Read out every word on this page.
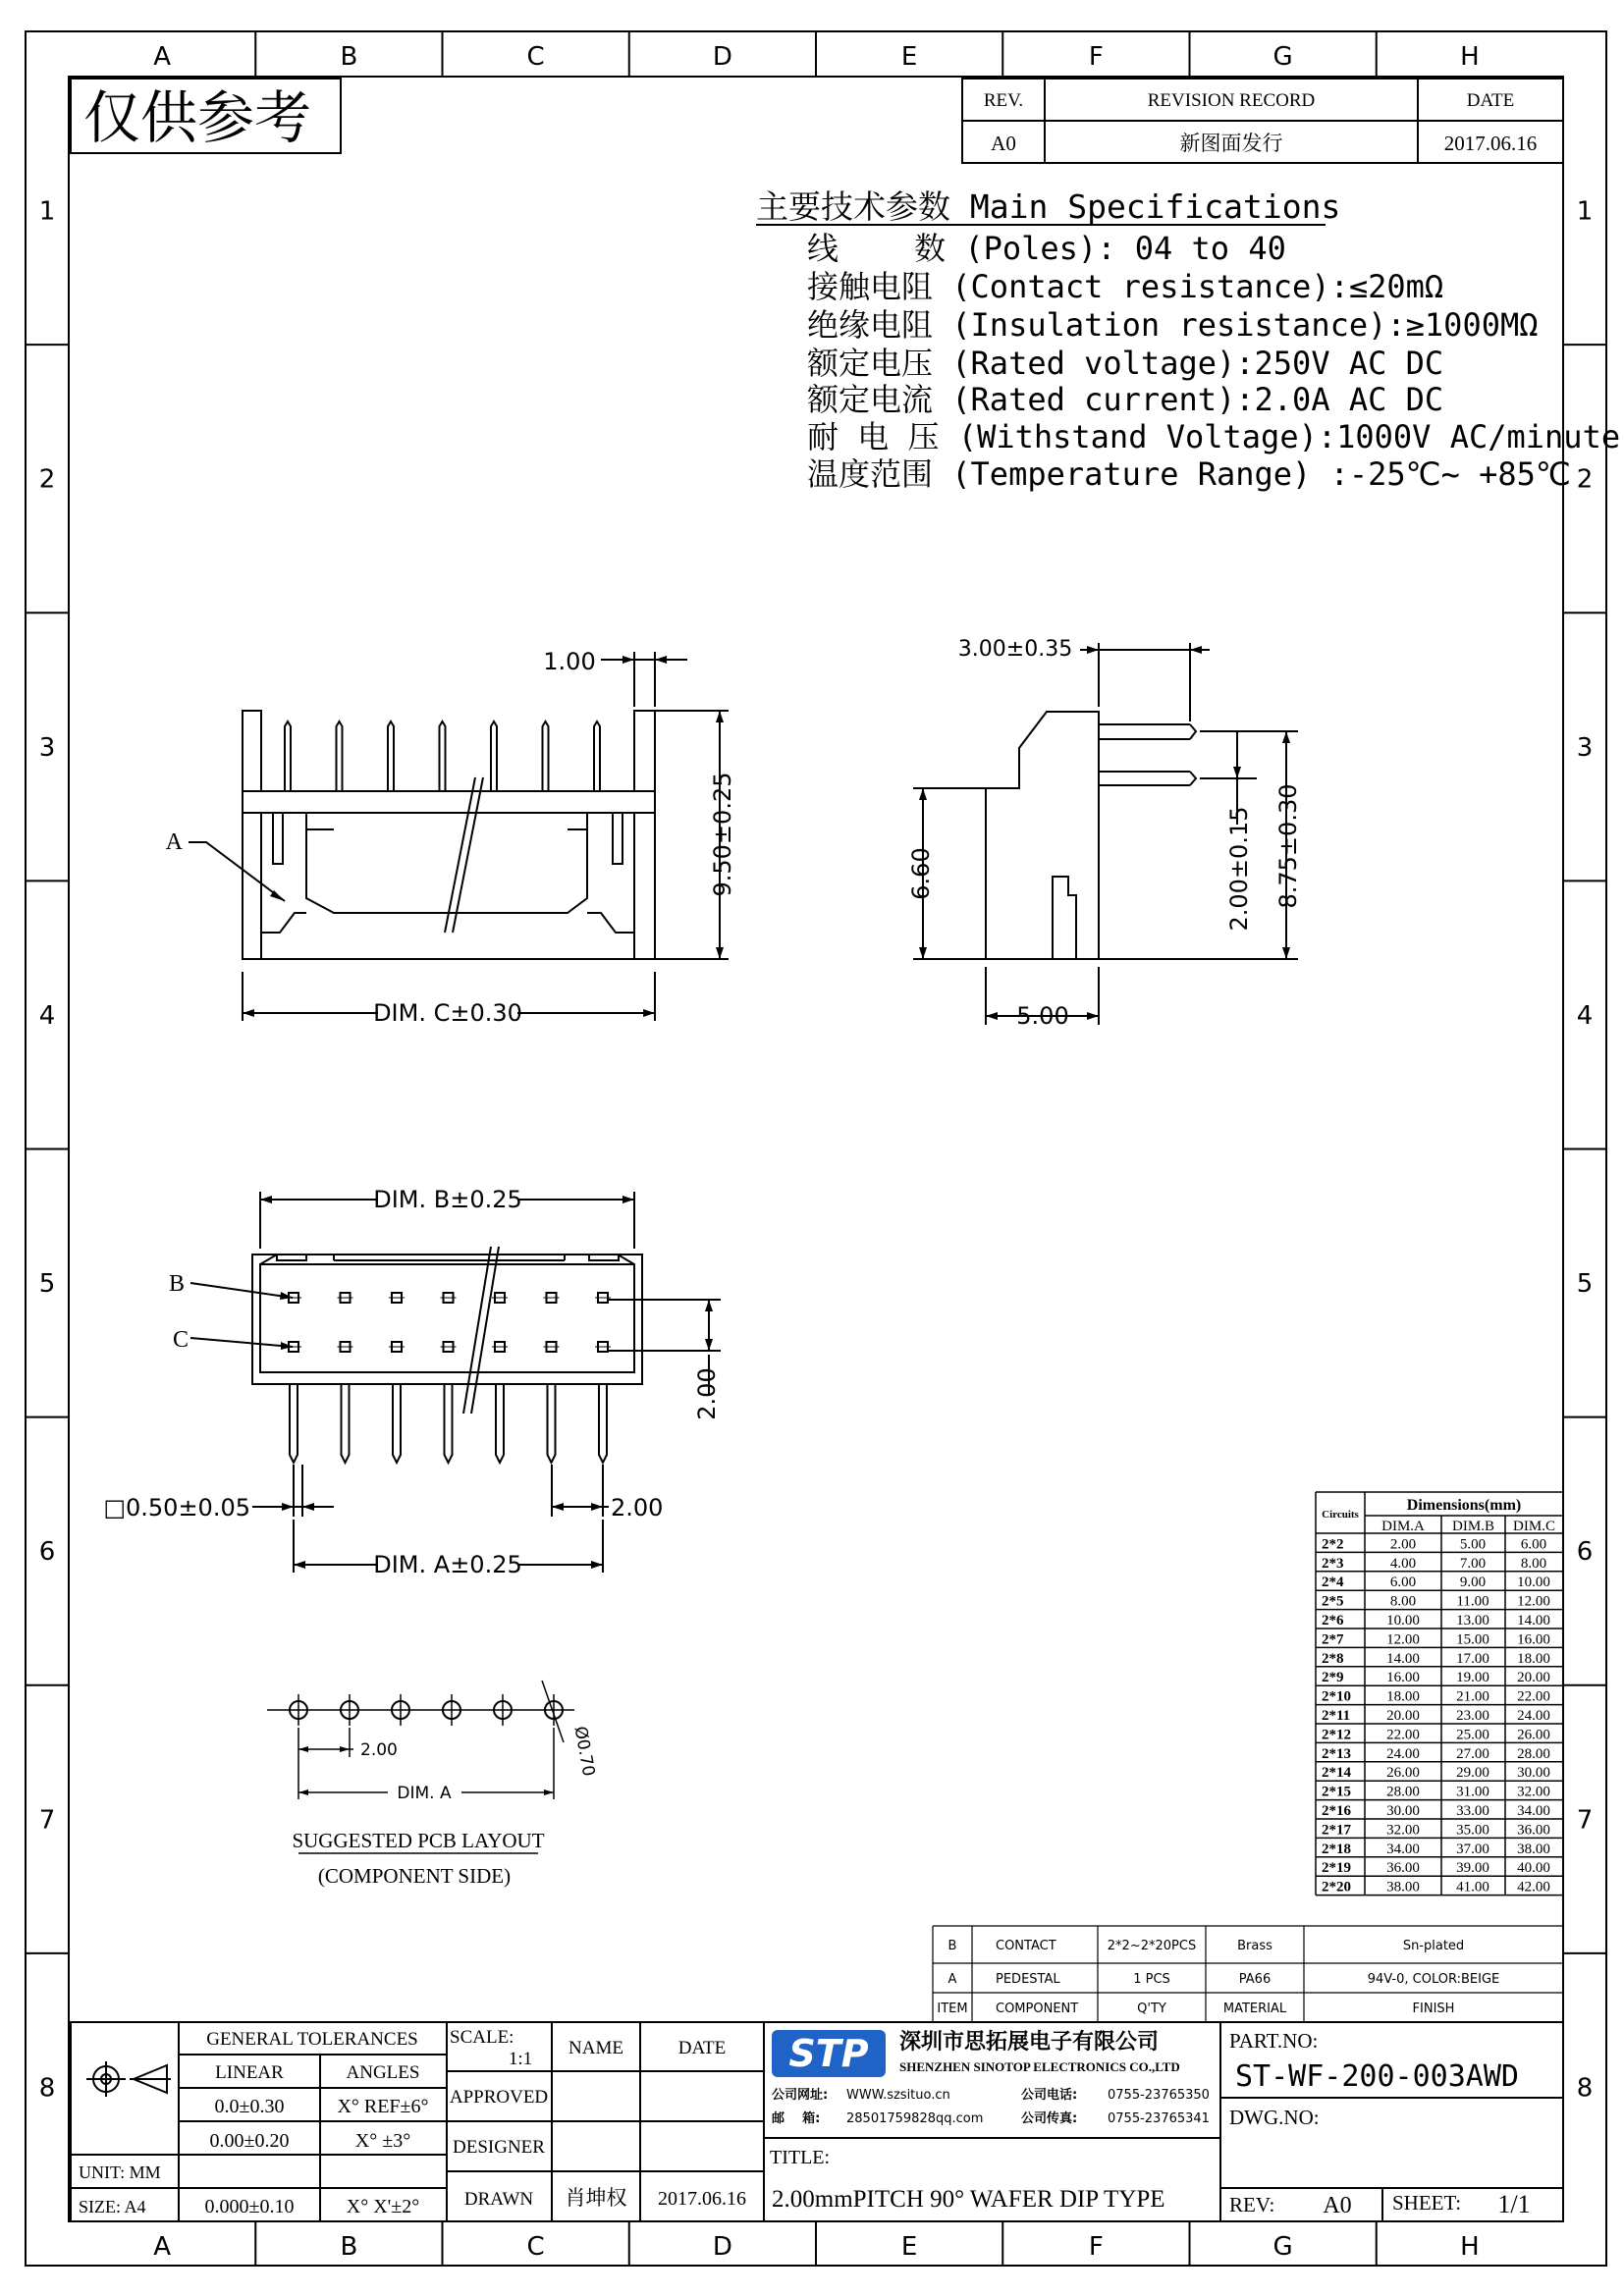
A
A
B
B
C
C
D
D
E
E
F
F
G
G
H
H
1	1
2	2
3	3
4	4
5	5
6	6
7	7
8	8
仅供参考	REV.	REVISION RECORD	DATE
A0	新图面发行	2017.06.16
主要技术参数 Main Specifications
线    数 (Poles): 04 to 40
接触电阻 (Contact resistance):≤20mΩ
绝缘电阻 (Insulation resistance):≥1000MΩ
额定电压 (Rated voltage):250V AC DC
额定电流 (Rated current):2.0A AC DC
耐 电 压 (Withstand Voltage):1000V AC/minute
温度范围 (Temperature Range) :-25℃~ +85℃
1.00
9.50±0.25
A
DIM. C±0.30
3.00±0.35
6.60	2.00±0.15 8.75±0.30
5.00
DIM. B±0.25
B
C
2.00
□0.50±0.05	2.00
DIM. A±0.25
2.00
DIM. A
Ø0.70
SUGGESTED PCB LAYOUT
(COMPONENT SIDE)
Dimensions(mm)
Circuits
DIM.A DIM.B DIM.C
2*2	2.00	5.00 6.00
2*3	4.00	7.00 8.00
2*4	6.00	9.00 10.00
2*5	8.00	11.00 12.00
2*6	10.00 13.00 14.00
2*7	12.00 15.00 16.00
2*8	14.00 17.00 18.00
2*9	16.00 19.00 20.00
2*10 18.00 21.00 22.00
2*11 20.00 23.00 24.00
2*12 22.00 25.00 26.00
2*13 24.00 27.00 28.00
2*14 26.00 29.00 30.00
2*15 28.00 31.00 32.00
2*16 30.00 33.00 34.00
2*17 32.00 35.00 36.00
2*18 34.00 37.00 38.00
2*19 36.00 39.00 40.00
2*20 38.00 41.00 42.00
B	CONTACT	2*2~2*20PCS	Brass	Sn-plated
A	PEDESTAL	1 PCS	PA66	94V-0, COLOR:BEIGE
ITEM COMPONENT	Q'TY	MATERIAL	FINISH
GENERAL TOLERANCES
LINEAR	ANGLES
0.0±0.30	X° REF±6°
0.00±0.20	X° ±3°
0.000±0.10	X° X'±2°
UNIT: MM
SIZE: A4
SCALE:
1:1
NAME	DATE
APPROVED
DESIGNER
DRAWN 肖坤权 2017.06.16
STP 深圳市思拓展电子有限公司
SHENZHEN SINOTOP ELECTRONICS CO.,LTD
公司网址: WWW.szsituo.cn	公司电话: 0755-23765350
邮    箱: 28501759828qq.com	公司传真: 0755-23765341
TITLE:
2.00mmPITCH 90° WAFER DIP TYPE
PART.NO:
ST-WF-200-003AWD
DWG.NO:
REV: A0 SHEET: 1/1
